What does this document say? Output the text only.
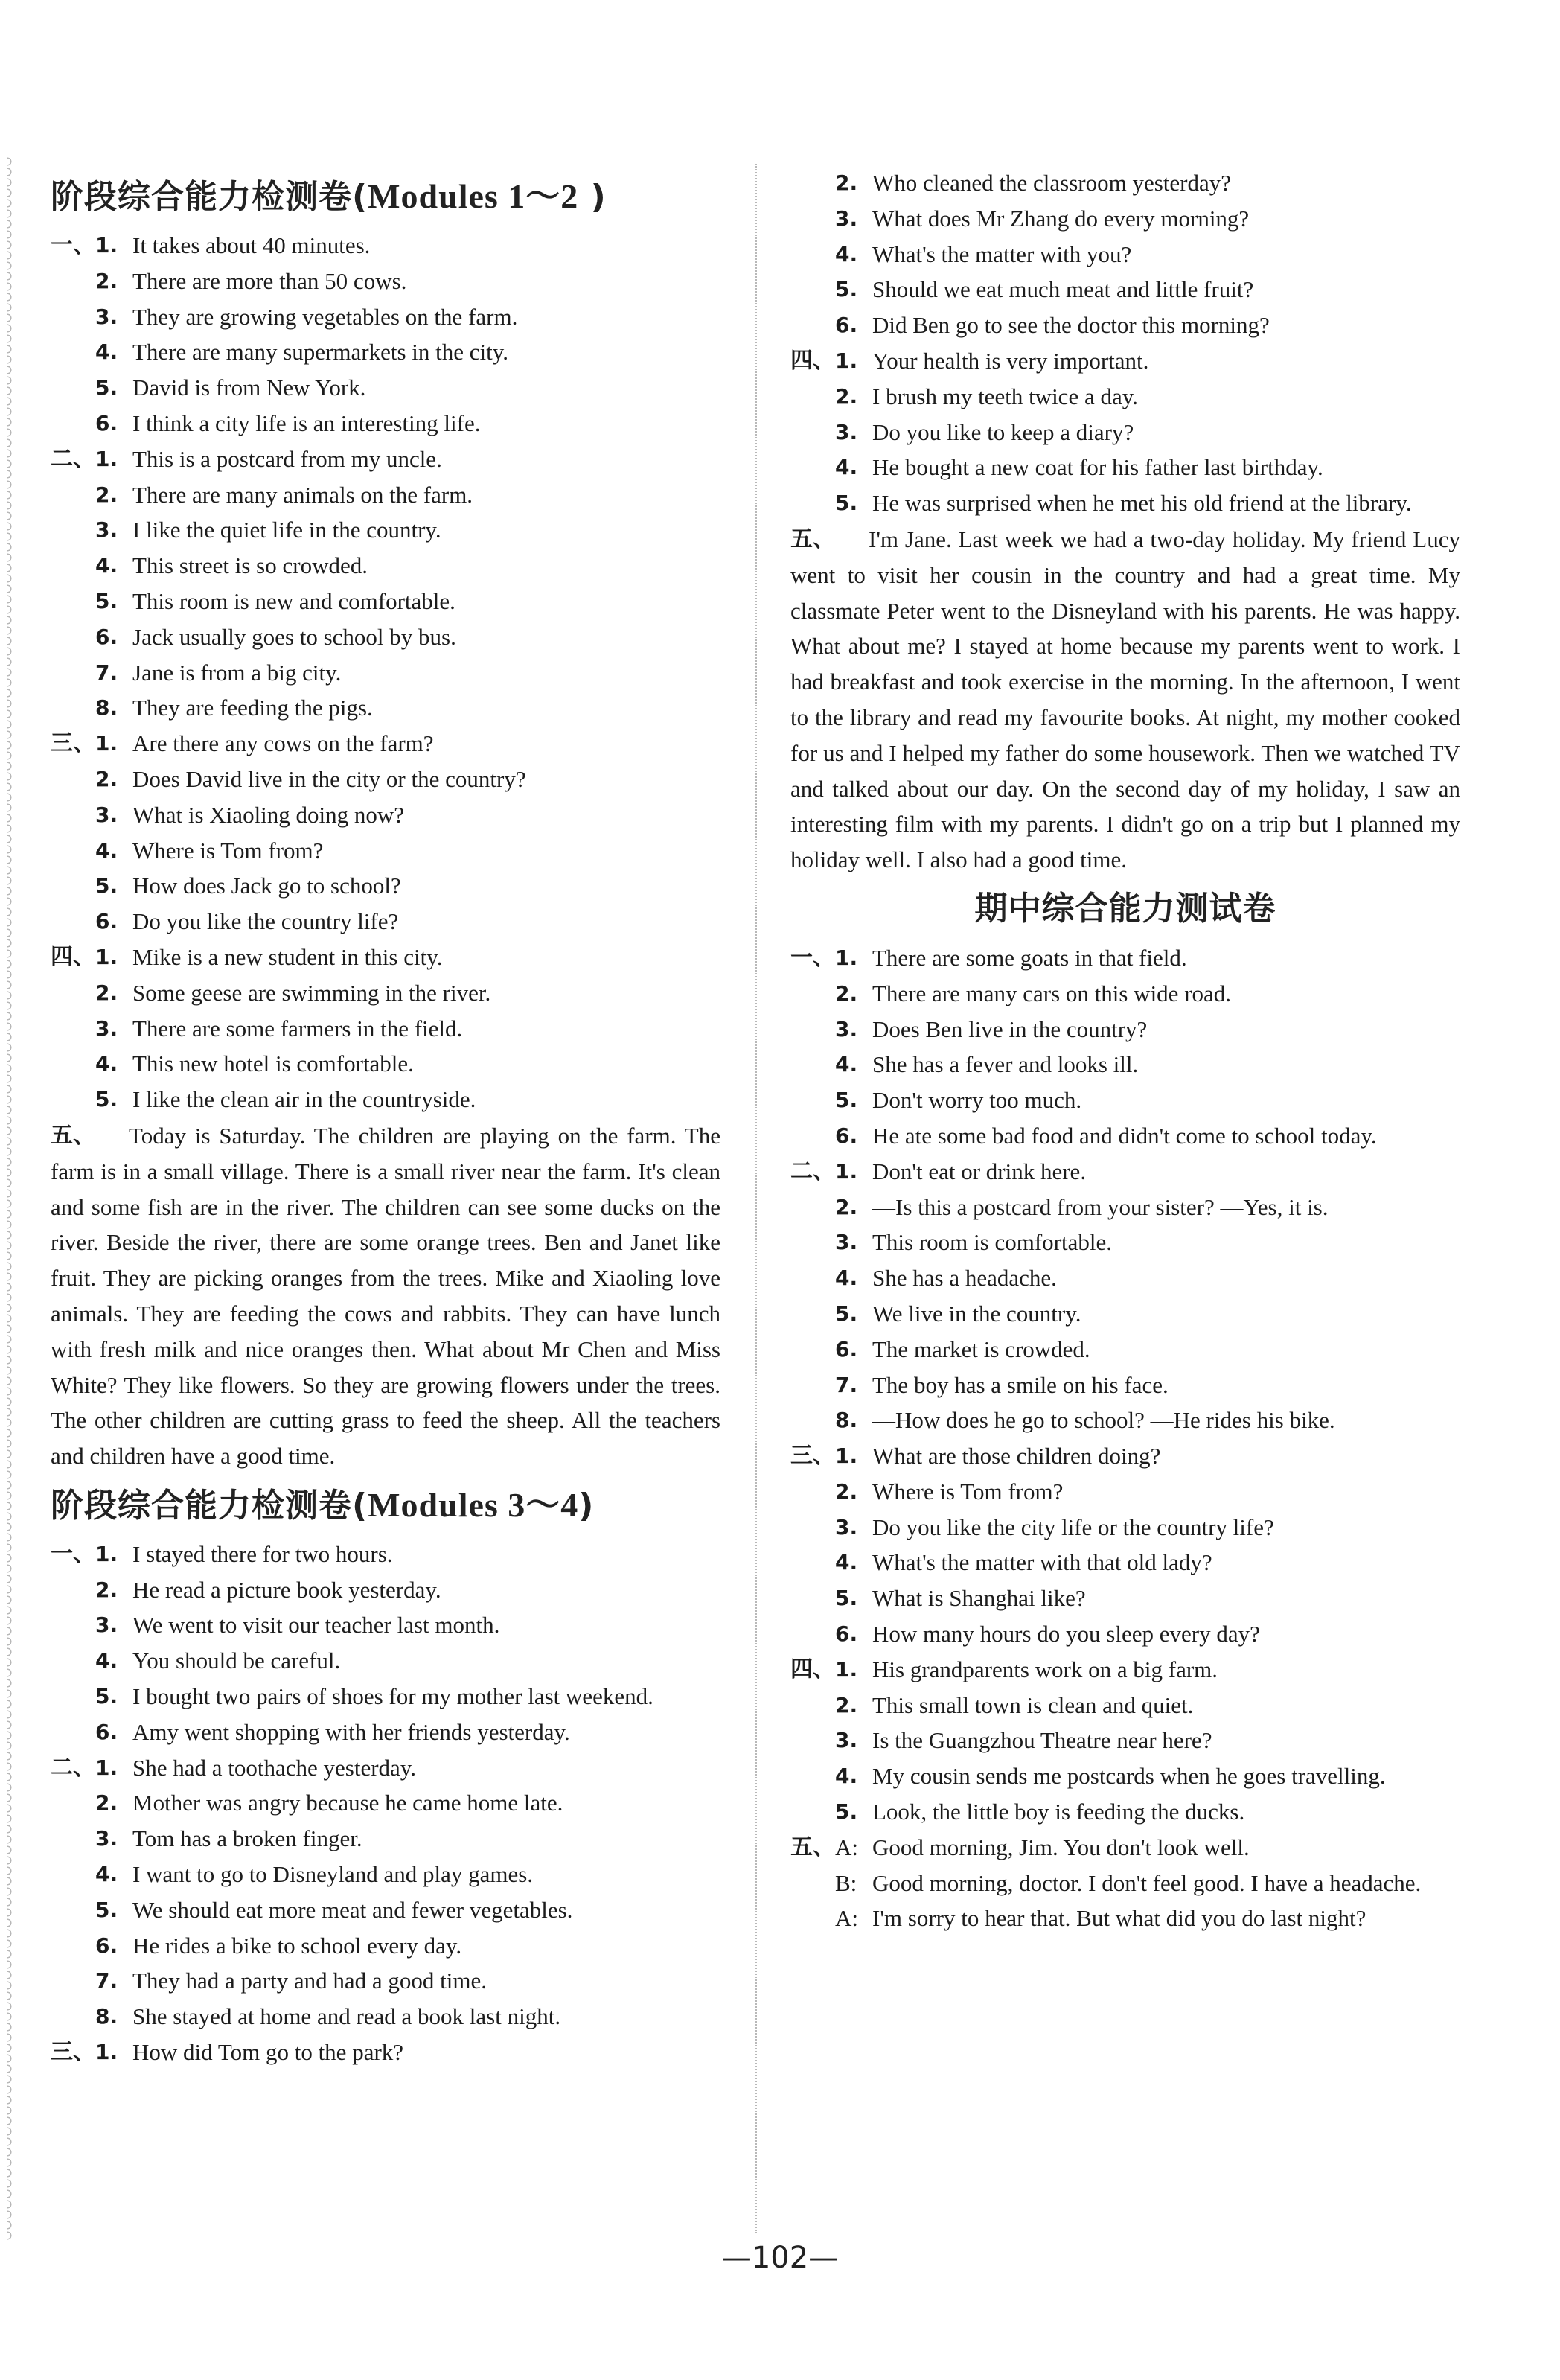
阶段综合能力检测卷(Modules 1～2 )
一、 1. It takes about 40 minutes.
2. There are more than 50 cows.
3. They are growing vegetables on the farm.
4. There are many supermarkets in the city.
5. David is from New York.
6. I think a city life is an interesting life.
二、 1. This is a postcard from my uncle.
2. There are many animals on the farm.
3. I like the quiet life in the country.
4. This street is so crowded.
5. This room is new and comfortable.
6. Jack usually goes to school by bus.
7. Jane is from a big city.
8. They are feeding the pigs.
三、 1. Are there any cows on the farm?
2. Does David live in the city or the country?
3. What is Xiaoling doing now?
4. Where is Tom from?
5. How does Jack go to school?
6. Do you like the country life?
四、 1. Mike is a new student in this city.
2. Some geese are swimming in the river.
3. There are some farmers in the field.
4. This new hotel is comfortable.
5. I like the clean air in the countryside.
五、	Today is Saturday. The children are playing on the farm. The farm is in a small village. There is a small river near the farm. It's clean and some fish are in the river. The children can see some ducks on the river. Beside the river, there are some orange trees. Ben and Janet like fruit. They are picking oranges from the trees. Mike and Xiaoling love animals. They are feeding the cows and rabbits. They can have lunch with fresh milk and nice oranges then. What about Mr Chen and Miss White? They like flowers. So they are growing flowers under the trees. The other children are cutting grass to feed the sheep. All the teachers and children have a good time.
阶段综合能力检测卷(Modules 3～4)
一、 1. I stayed there for two hours.
2. He read a picture book yesterday.
3. We went to visit our teacher last month.
4. You should be careful.
5. I bought two pairs of shoes for my mother last weekend.
6. Amy went shopping with her friends yesterday.
二、 1. She had a toothache yesterday.
2. Mother was angry because he came home late.
3. Tom has a broken finger.
4. I want to go to Disneyland and play games.
5. We should eat more meat and fewer vegetables.
6. He rides a bike to school every day.
7. They had a party and had a good time.
8. She stayed at home and read a book last night.
三、 1. How did Tom go to the park?
2. Who cleaned the classroom yesterday?
3. What does Mr Zhang do every morning?
4. What's the matter with you?
5. Should we eat much meat and little fruit?
6. Did Ben go to see the doctor this morning?
四、 1. Your health is very important.
2. I brush my teeth twice a day.
3. Do you like to keep a diary?
4. He bought a new coat for his father last birthday.
5. He was surprised when he met his old friend at the library.
五、	I'm Jane. Last week we had a two-day holiday. My friend Lucy went to visit her cousin in the country and had a great time. My classmate Peter went to the Disneyland with his parents. He was happy. What about me? I stayed at home because my parents went to work. I had breakfast and took exercise in the morning. In the afternoon, I went to the library and read my favourite books. At night, my mother cooked for us and I helped my father do some housework. Then we watched TV and talked about our day. On the second day of my holiday, I saw an interesting film with my parents. I didn't go on a trip but I planned my holiday well. I also had a good time.
期中综合能力测试卷
一、 1. There are some goats in that field.
2. There are many cars on this wide road.
3. Does Ben live in the country?
4. She has a fever and looks ill.
5. Don't worry too much.
6. He ate some bad food and didn't come to school today.
二、 1. Don't eat or drink here.
2. —Is this a postcard from your sister? —Yes, it is.
3. This room is comfortable.
4. She has a headache.
5. We live in the country.
6. The market is crowded.
7. The boy has a smile on his face.
8. —How does he go to school? —He rides his bike.
三、 1. What are those children doing?
2. Where is Tom from?
3. Do you like the city life or the country life?
4. What's the matter with that old lady?
5. What is Shanghai like?
6. How many hours do you sleep every day?
四、 1. His grandparents work on a big farm.
2. This small town is clean and quiet.
3. Is the Guangzhou Theatre near here?
4. My cousin sends me postcards when he goes travelling.
5. Look, the little boy is feeding the ducks.
五、 A: Good morning, Jim. You don't look well.
B: Good morning, doctor. I don't feel good. I have a headache.
A: I'm sorry to hear that. But what did you do last night?
—102—
